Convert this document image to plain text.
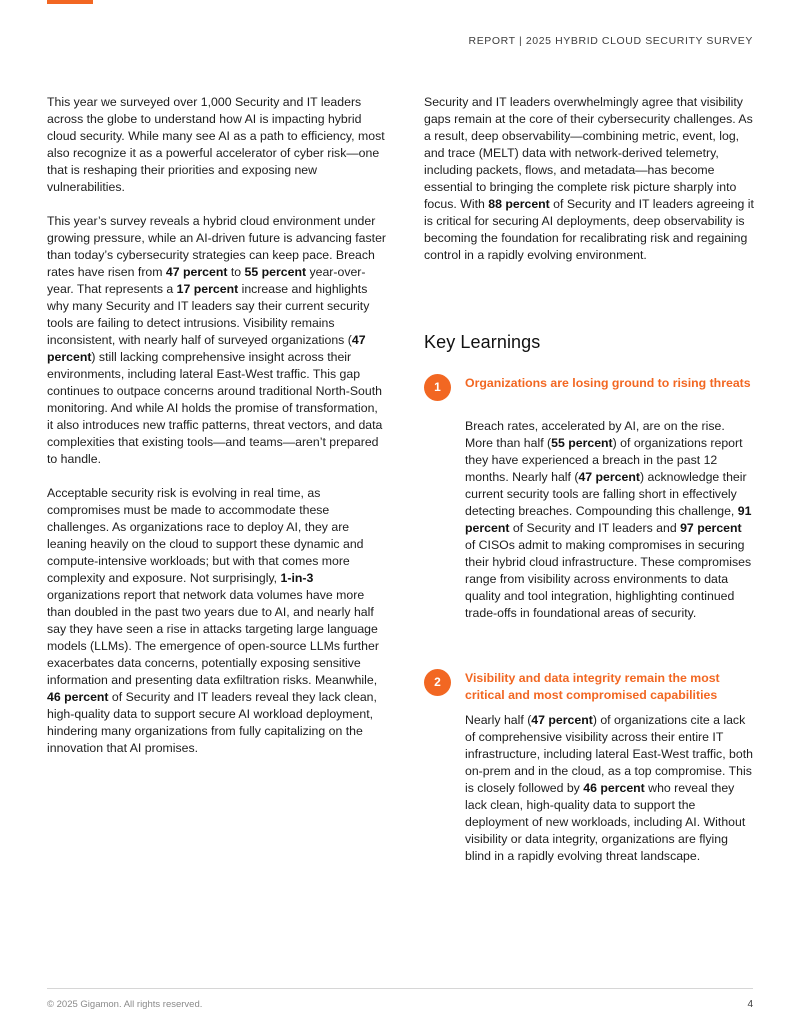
REPORT | 2025 HYBRID CLOUD SECURITY SURVEY

This year we surveyed over 1,000 Security and IT leaders across the globe to understand how AI is impacting hybrid cloud security. While many see AI as a path to efficiency, most also recognize it as a powerful accelerator of cyber risk—one that is reshaping their priorities and exposing new vulnerabilities.

This year’s survey reveals a hybrid cloud environment under growing pressure, while an AI-driven future is advancing faster than today’s cybersecurity strategies can keep pace. Breach rates have risen from 47 percent to 55 percent year-over-year. That represents a 17 percent increase and highlights why many Security and IT leaders say their current security tools are failing to detect intrusions. Visibility remains inconsistent, with nearly half of surveyed organizations (47 percent) still lacking comprehensive insight across their environments, including lateral East-West traffic. This gap continues to outpace concerns around traditional North-South monitoring. And while AI holds the promise of transformation, it also introduces new traffic patterns, threat vectors, and data complexities that existing tools—and teams—aren’t prepared to handle.

Acceptable security risk is evolving in real time, as compromises must be made to accommodate these challenges. As organizations race to deploy AI, they are leaning heavily on the cloud to support these dynamic and compute-intensive workloads; but with that comes more complexity and exposure. Not surprisingly, 1-in-3 organizations report that network data volumes have more than doubled in the past two years due to AI, and nearly half say they have seen a rise in attacks targeting large language models (LLMs). The emergence of open-source LLMs further exacerbates data concerns, potentially exposing sensitive information and presenting data exfiltration risks. Meanwhile, 46 percent of Security and IT leaders reveal they lack clean, high-quality data to support secure AI workload deployment, hindering many organizations from fully capitalizing on the innovation that AI promises.

Security and IT leaders overwhelmingly agree that visibility gaps remain at the core of their cybersecurity challenges. As a result, deep observability—combining metric, event, log, and trace (MELT) data with network-derived telemetry, including packets, flows, and metadata—has become essential to bringing the complete risk picture sharply into focus. With 88 percent of Security and IT leaders agreeing it is critical for securing AI deployments, deep observability is becoming the foundation for recalibrating risk and regaining control in a rapidly evolving environment.

Key Learnings
1	Organizations are losing ground to rising threats

Breach rates, accelerated by AI, are on the rise. More than half (55 percent) of organizations report they have experienced a breach in the past 12 months. Nearly half (47 percent) acknowledge their current security tools are falling short in effectively detecting breaches. Compounding this challenge, 91 percent of Security and IT leaders and 97 percent of CISOs admit to making compromises in securing their hybrid cloud infrastructure. These compromises range from visibility across environments to data quality and tool integration, highlighting continued trade-offs in foundational areas of security.

2	Visibility and data integrity remain the most critical and most compromised capabilities

Nearly half (47 percent) of organizations cite a lack of comprehensive visibility across their entire IT infrastructure, including lateral East-West traffic, both on-prem and in the cloud, as a top compromise. This is closely followed by 46 percent who reveal they lack clean, high-quality data to support the deployment of new workloads, including AI. Without visibility or data integrity, organizations are flying blind in a rapidly evolving threat landscape.

© 2025 Gigamon. All rights reserved.	4
